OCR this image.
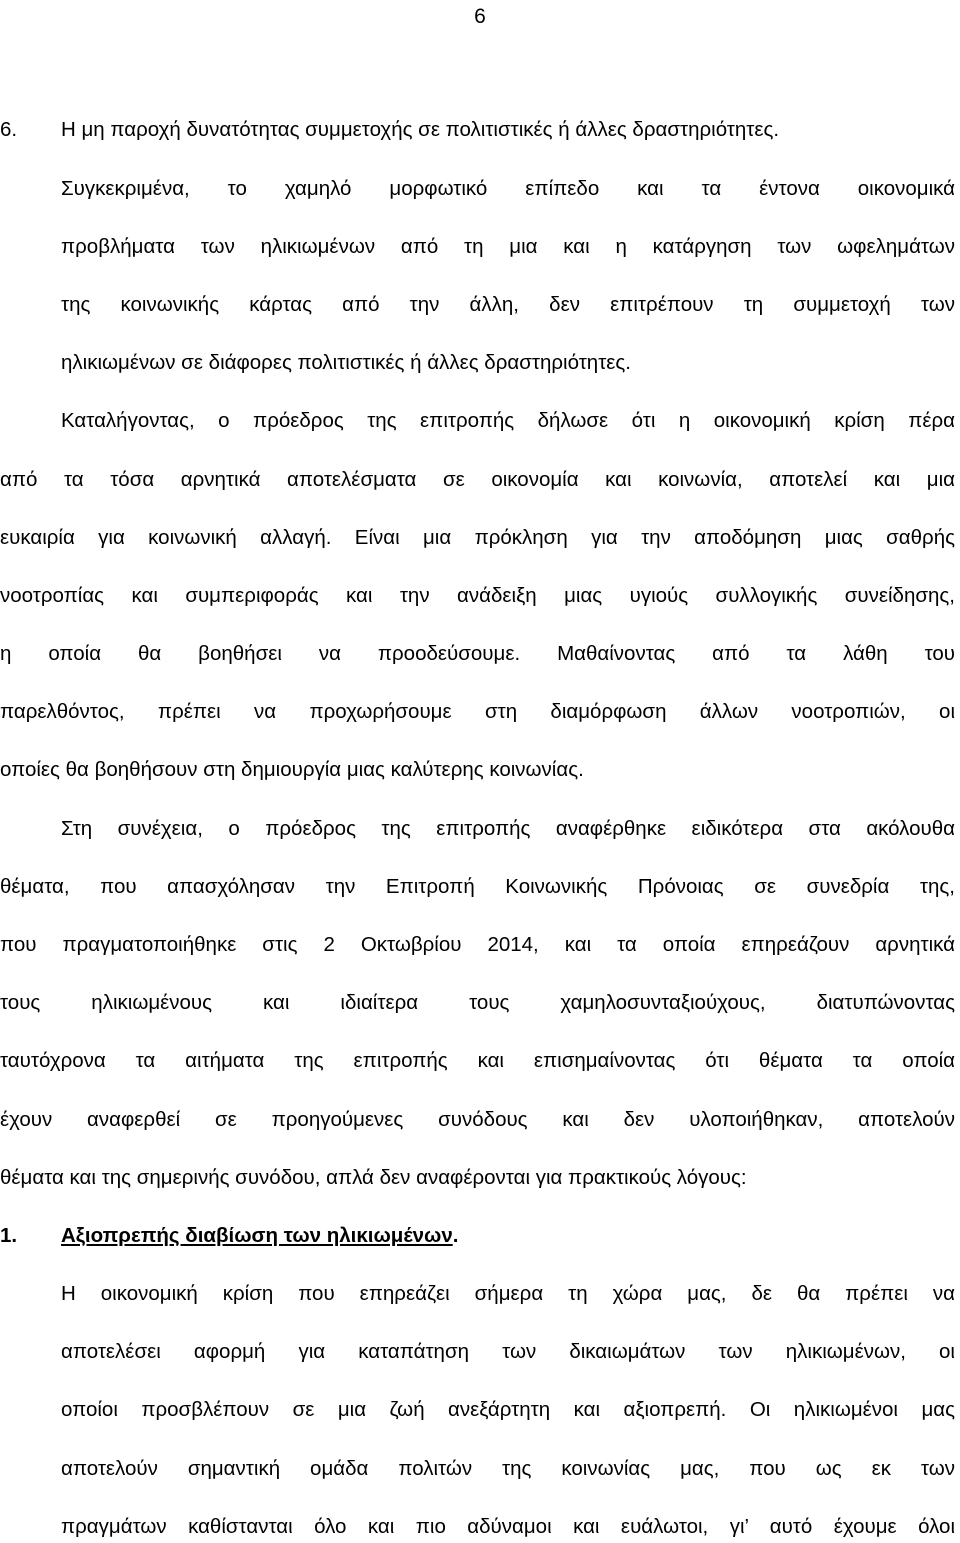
6
6. Η μη παροχή δυνατότητας συμμετοχής σε πολιτιστικές ή άλλες δραστηριότητες.
Συγκεκριμένα, το χαμηλό μορφωτικό επίπεδο και τα έντονα οικονομικά
προβλήματα των ηλικιωμένων από τη μια και η κατάργηση των ωφελημάτων
της κοινωνικής κάρτας από την άλλη, δεν επιτρέπουν τη συμμετοχή των
ηλικιωμένων σε διάφορες πολιτιστικές ή άλλες δραστηριότητες.
Καταλήγοντας, ο πρόεδρος της επιτροπής δήλωσε ότι η οικονομική κρίση πέρα
από τα τόσα αρνητικά αποτελέσματα σε οικονομία και κοινωνία, αποτελεί και μια
ευκαιρία για κοινωνική αλλαγή. Είναι μια πρόκληση για την αποδόμηση μιας σαθρής
νοοτροπίας και συμπεριφοράς και την ανάδειξη μιας υγιούς συλλογικής συνείδησης,
η οποία θα βοηθήσει να προοδεύσουμε. Μαθαίνοντας από τα λάθη του
παρελθόντος, πρέπει να προχωρήσουμε στη διαμόρφωση άλλων νοοτροπιών, οι
οποίες θα βοηθήσουν στη δημιουργία μιας καλύτερης κοινωνίας.
Στη συνέχεια, ο πρόεδρος της επιτροπής αναφέρθηκε ειδικότερα στα ακόλουθα
θέματα, που απασχόλησαν την Επιτροπή Κοινωνικής Πρόνοιας σε συνεδρία της,
που πραγματοποιήθηκε στις 2 Οκτωβρίου 2014, και τα οποία επηρεάζουν αρνητικά
τους ηλικιωμένους και ιδιαίτερα τους χαμηλοσυνταξιούχους, διατυπώνοντας
ταυτόχρονα τα αιτήματα της επιτροπής και επισημαίνοντας ότι θέματα τα οποία
έχουν αναφερθεί σε προηγούμενες συνόδους και δεν υλοποιήθηκαν, αποτελούν
θέματα και της σημερινής συνόδου, απλά δεν αναφέρονται για πρακτικούς λόγους:
1. Αξιοπρεπής διαβίωση των ηλικιωμένων.
Η οικονομική κρίση που επηρεάζει σήμερα τη χώρα μας, δε θα πρέπει να
αποτελέσει αφορμή για καταπάτηση των δικαιωμάτων των ηλικιωμένων, οι
οποίοι προσβλέπουν σε μια ζωή ανεξάρτητη και αξιοπρεπή. Οι ηλικιωμένοι μας
αποτελούν σημαντική ομάδα πολιτών της κοινωνίας μας, που ως εκ των
πραγμάτων καθίστανται όλο και πιο αδύναμοι και ευάλωτοι, γι’ αυτό έχουμε όλοι
